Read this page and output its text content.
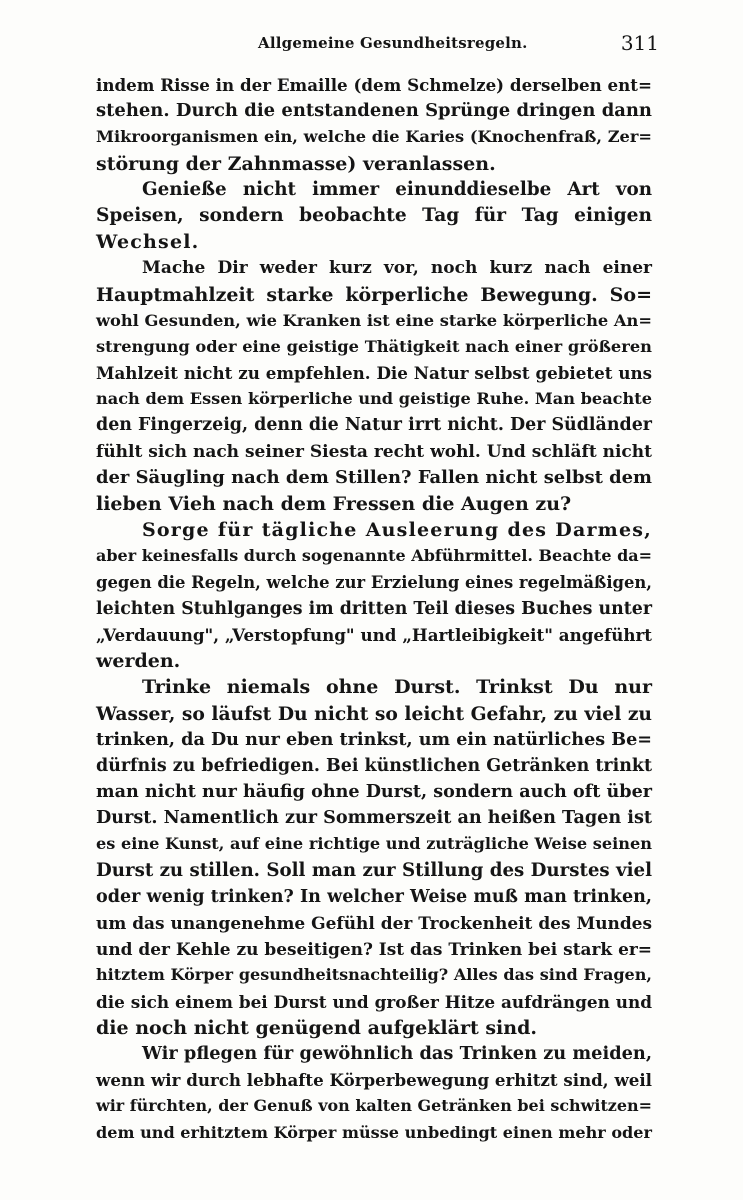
Allgemeine Gesundheitsregeln.	311
indem Risse in der Emaille (dem Schmelze) derselben ent=
stehen. Durch die entstandenen Sprünge dringen dann
Mikroorganismen ein, welche die Karies (Knochenfraß, Zer=
störung der Zahnmasse) veranlassen.
Genieße nicht immer einunddieselbe Art von
Speisen, sondern beobachte Tag für Tag einigen
Wechsel.
Mache Dir weder kurz vor, noch kurz nach einer
Hauptmahlzeit starke körperliche Bewegung. So=
wohl Gesunden, wie Kranken ist eine starke körperliche An=
strengung oder eine geistige Thätigkeit nach einer größeren
Mahlzeit nicht zu empfehlen. Die Natur selbst gebietet uns
nach dem Essen körperliche und geistige Ruhe. Man beachte
den Fingerzeig, denn die Natur irrt nicht. Der Südländer
fühlt sich nach seiner Siesta recht wohl. Und schläft nicht
der Säugling nach dem Stillen? Fallen nicht selbst dem
lieben Vieh nach dem Fressen die Augen zu?
Sorge für tägliche Ausleerung des Darmes,
aber keinesfalls durch sogenannte Abführmittel. Beachte da=
gegen die Regeln, welche zur Erzielung eines regelmäßigen,
leichten Stuhlganges im dritten Teil dieses Buches unter
„Verdauung", „Verstopfung" und „Hartleibigkeit" angeführt
werden.
Trinke niemals ohne Durst. Trinkst Du nur
Wasser, so läufst Du nicht so leicht Gefahr, zu viel zu
trinken, da Du nur eben trinkst, um ein natürliches Be=
dürfnis zu befriedigen. Bei künstlichen Getränken trinkt
man nicht nur häufig ohne Durst, sondern auch oft über
Durst. Namentlich zur Sommerszeit an heißen Tagen ist
es eine Kunst, auf eine richtige und zuträgliche Weise seinen
Durst zu stillen. Soll man zur Stillung des Durstes viel
oder wenig trinken? In welcher Weise muß man trinken,
um das unangenehme Gefühl der Trockenheit des Mundes
und der Kehle zu beseitigen? Ist das Trinken bei stark er=
hitztem Körper gesundheitsnachteilig? Alles das sind Fragen,
die sich einem bei Durst und großer Hitze aufdrängen und
die noch nicht genügend aufgeklärt sind.
Wir pflegen für gewöhnlich das Trinken zu meiden,
wenn wir durch lebhafte Körperbewegung erhitzt sind, weil
wir fürchten, der Genuß von kalten Getränken bei schwitzen=
dem und erhitztem Körper müsse unbedingt einen mehr oder
